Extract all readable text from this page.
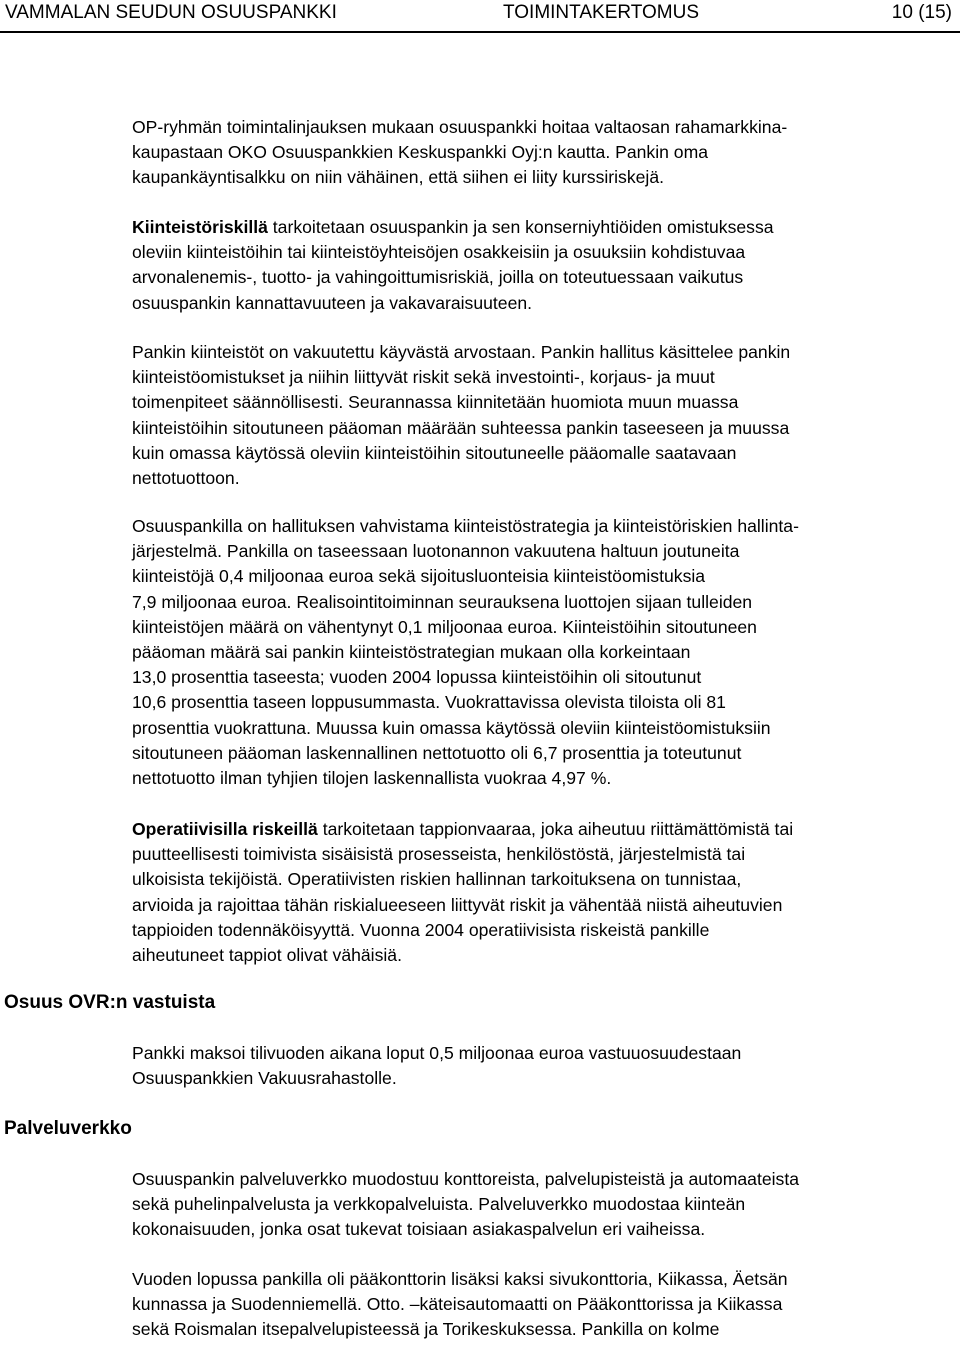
VAMMALAN SEUDUN OSUUSPANKKI	TOIMINTAKERTOMUS	10 (15)
OP-ryhmän toimintalinjauksen mukaan osuuspankki hoitaa valtaosan rahamarkkina-
kaupastaan OKO Osuuspankkien Keskuspankki Oyj:n kautta. Pankin oma
kaupankäyntisalkku on niin vähäinen, että siihen ei liity kurssiriskejä.
Kiinteistöriskillä tarkoitetaan osuuspankin ja sen konserniyhtiöiden omistuksessa
oleviin kiinteistöihin tai kiinteistöyhteisöjen osakkeisiin ja osuuksiin kohdistuvaa
arvonalenemis-, tuotto- ja vahingoittumisriskiä, joilla on toteutuessaan vaikutus
osuuspankin kannattavuuteen ja vakavaraisuuteen.
Pankin kiinteistöt on vakuutettu käyvästä arvostaan. Pankin hallitus käsittelee pankin
kiinteistöomistukset ja niihin liittyvät riskit sekä investointi-, korjaus- ja muut
toimenpiteet säännöllisesti. Seurannassa kiinnitetään huomiota muun muassa
kiinteistöihin sitoutuneen pääoman määrään suhteessa pankin taseeseen ja muussa
kuin omassa käytössä oleviin kiinteistöihin sitoutuneelle pääomalle saatavaan
nettotuottoon.
Osuuspankilla on hallituksen vahvistama kiinteistöstrategia ja kiinteistöriskien hallinta-
järjestelmä. Pankilla on taseessaan luotonannon vakuutena haltuun joutuneita
kiinteistöjä 0,4 miljoonaa euroa sekä sijoitusluonteisia kiinteistöomistuksia
7,9 miljoonaa euroa. Realisointitoiminnan seurauksena luottojen sijaan tulleiden
kiinteistöjen määrä on vähentynyt 0,1 miljoonaa euroa. Kiinteistöihin sitoutuneen
pääoman määrä sai pankin kiinteistöstrategian mukaan olla korkeintaan
13,0 prosenttia taseesta; vuoden 2004 lopussa kiinteistöihin oli sitoutunut
10,6 prosenttia taseen loppusummasta. Vuokrattavissa olevista tiloista oli 81
prosenttia vuokrattuna. Muussa kuin omassa käytössä oleviin kiinteistöomistuksiin
sitoutuneen pääoman laskennallinen nettotuotto oli 6,7 prosenttia ja toteutunut
nettotuotto ilman tyhjien tilojen laskennallista vuokraa 4,97 %.
Operatiivisilla riskeillä tarkoitetaan tappionvaaraa, joka aiheutuu riittämättömistä tai
puutteellisesti toimivista sisäisistä prosesseista, henkilöstöstä, järjestelmistä tai
ulkoisista tekijöistä. Operatiivisten riskien hallinnan tarkoituksena on tunnistaa,
arvioida ja rajoittaa tähän riskialueeseen liittyvät riskit ja vähentää niistä aiheutuvien
tappioiden todennäköisyyttä. Vuonna 2004 operatiivisista riskeistä pankille
aiheutuneet tappiot olivat vähäisiä.
Osuus OVR:n vastuista
Pankki maksoi tilivuoden aikana loput 0,5 miljoonaa euroa vastuuosuudestaan
Osuuspankkien Vakuusrahastolle.
Palveluverkko
Osuuspankin palveluverkko muodostuu konttoreista, palvelupisteistä ja automaateista
sekä puhelinpalvelusta ja verkkopalveluista. Palveluverkko muodostaa kiinteän
kokonaisuuden, jonka osat tukevat toisiaan asiakaspalvelun eri vaiheissa.
Vuoden lopussa pankilla oli pääkonttorin lisäksi kaksi sivukonttoria, Kiikassa, Äetsän
kunnassa ja Suodenniemellä. Otto. –käteisautomaatti on Pääkonttorissa ja Kiikassa
sekä Roismalan itsepalvelupisteessä ja Torikeskuksessa. Pankilla on kolme
